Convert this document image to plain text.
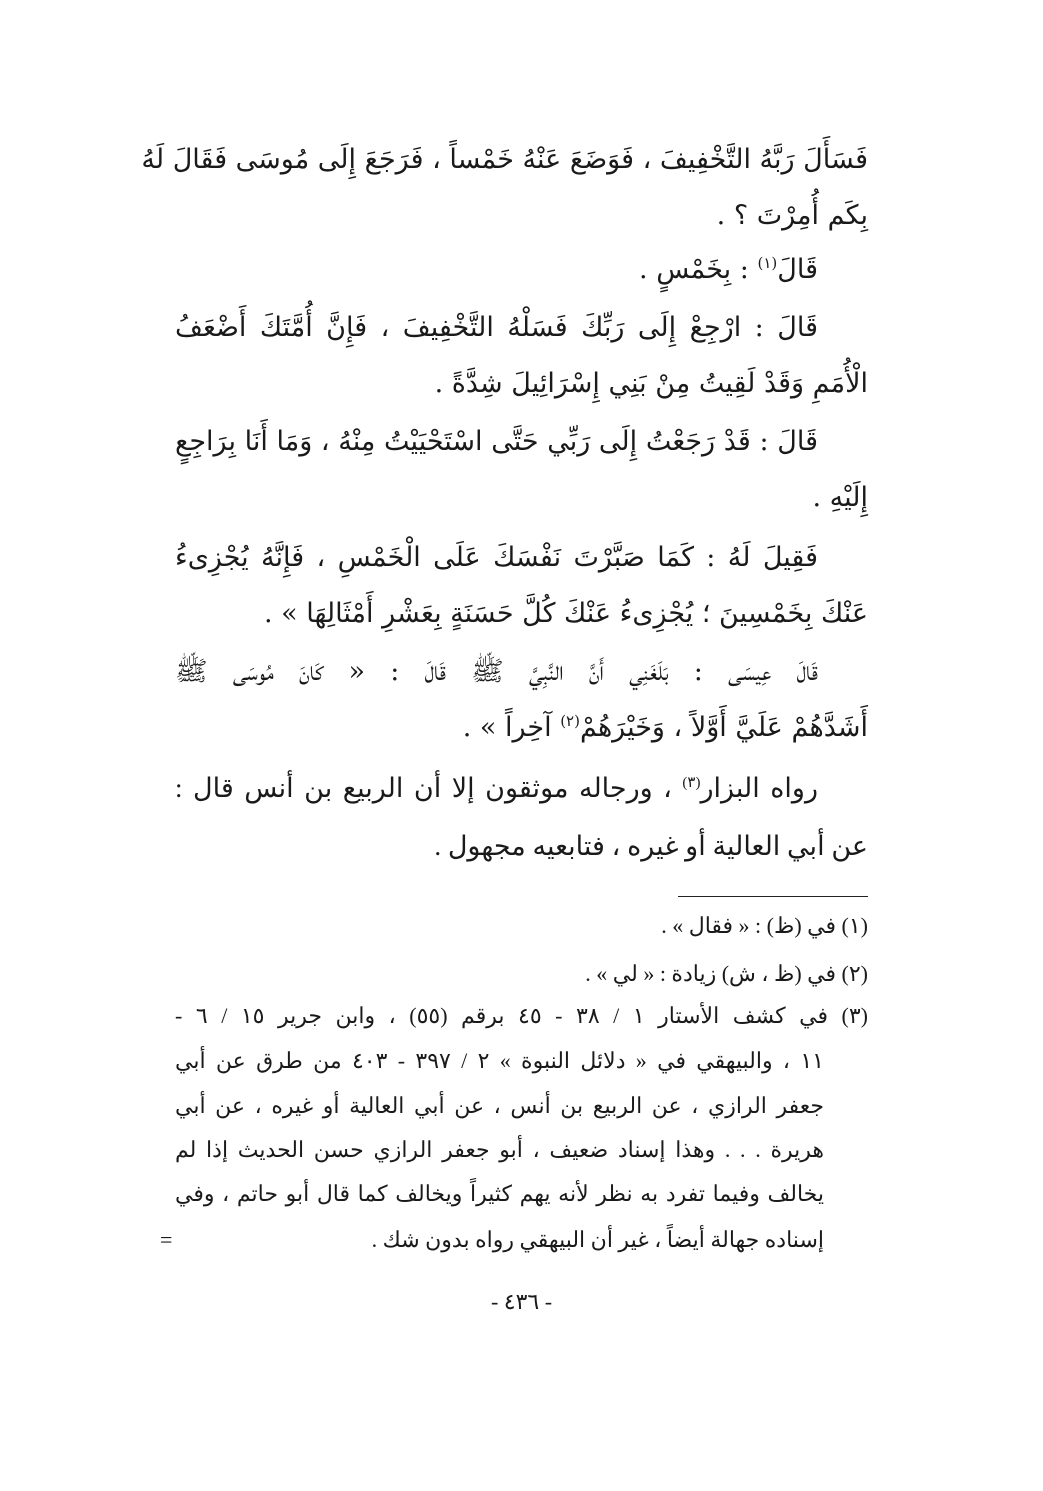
فَسَأَلَ رَبَّهُ التَّخْفِيفَ ، فَوَضَعَ عَنْهُ خَمْساً ، فَرَجَعَ إِلَى مُوسَى فَقَالَ لَهُ
بِكَم أُمِرْتَ ؟ .
قَالَ$^{(١)}$ : بِخَمْسٍ .
قَالَ : ارْجِعْ إِلَى رَبِّكَ فَسَلْهُ التَّخْفِيفَ ، فَإِنَّ أُمَّتَكَ أَضْعَفُ
الْأُمَمِ وَقَدْ لَقِيتُ مِنْ بَنِي إِسْرَائِيلَ شِدَّةً .
قَالَ : قَدْ رَجَعْتُ إِلَى رَبِّي حَتَّى اسْتَحْيَيْتُ مِنْهُ ، وَمَا أَنَا بِرَاجِعٍ
إِلَيْهِ .
فَقِيلَ لَهُ : كَمَا صَبَّرْتَ نَفْسَكَ عَلَى الْخَمْسِ ، فَإِنَّهُ يُجْزِىءُ
عَنْكَ بِخَمْسِينَ ؛ يُجْزِىءُ عَنْكَ كُلَّ حَسَنَةٍ بِعَشْرِ أَمْثَالِهَا » .
قَالَ عِيسَى : بَلَغَنِي أَنَّ النَّبِيَّ ﷺ قَالَ : « كَانَ مُوسَى ﷺ
أَشَدَّهُمْ عَلَيَّ أَوَّلاً ، وَخَيْرَهُمْ$^{(٢)}$ آخِراً » .
رواه البزار$^{(٣)}$ ، ورجاله موثقون إلا أن الربيع بن أنس قال :
عن أبي العالية أو غيره ، فتابعيه مجهول .
(١) في (ظ) : « فقال » .
(٢) في (ظ ، ش) زيادة : « لي » .
(٣) في كشف الأستار ١ / ٣٨ - ٤٥ برقم (٥٥) ، وابن جرير ١٥ / ٦ -
١١ ، والبيهقي في « دلائل النبوة » ٢ / ٣٩٧ - ٤٠٣ من طرق عن أبي
جعفر الرازي ، عن الربيع بن أنس ، عن أبي العالية أو غيره ، عن أبي
هريرة . . . وهذا إسناد ضعيف ، أبو جعفر الرازي حسن الحديث إذا لم
يخالف وفيما تفرد به نظر لأنه يهم كثيراً ويخالف كما قال أبو حاتم ، وفي
إسناده جهالة أيضاً ، غير أن البيهقي رواه بدون شك .
=
- ٤٣٦ -
